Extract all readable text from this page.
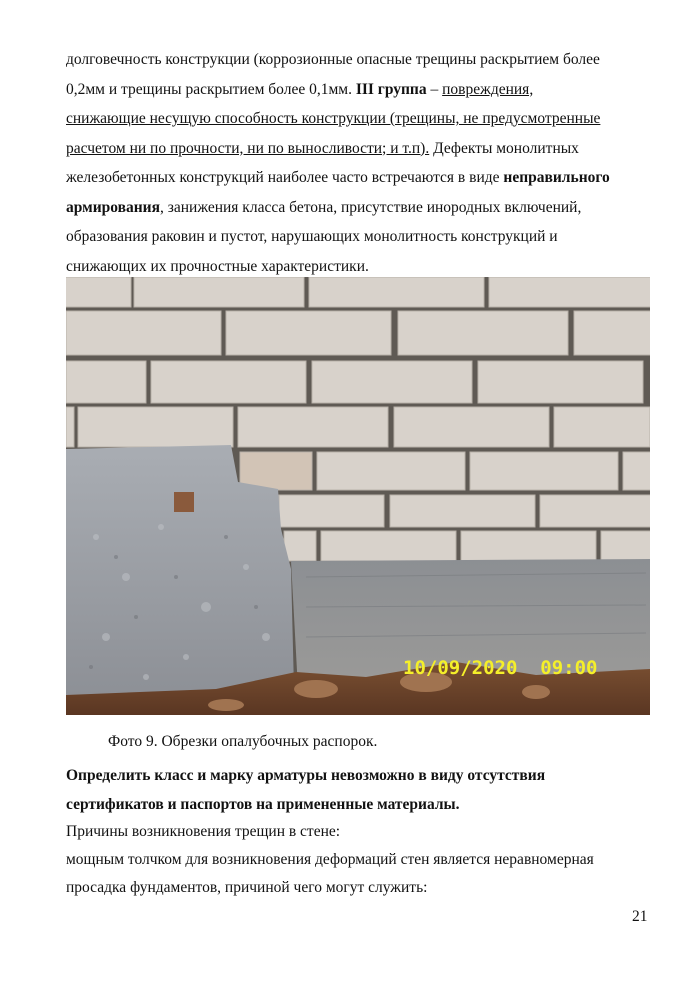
долговечность конструкции (коррозионные опасные трещины раскрытием более
0,2мм и трещины раскрытием более 0,1мм. III группа – повреждения,
снижающие несущую способность конструкции (трещины, не предусмотренные
расчетом ни по прочности, ни по выносливости; и т.п). Дефекты монолитных
железобетонных конструкций наиболее часто встречаются в виде неправильного
армирования, занижения класса бетона, присутствие инородных включений,
образования раковин и пустот, нарушающих монолитность конструкций и
снижающих их прочностные характеристики.
10/09/2020  09:00
Фото 9. Обрезки опалубочных распорок.
Определить класс и марку арматуры невозможно в виду отсутствия
сертификатов и паспортов на примененные материалы.
Причины возникновения трещин в стене:
мощным толчком для возникновения деформаций стен является неравномерная
просадка фундаментов, причиной чего могут служить:
21
